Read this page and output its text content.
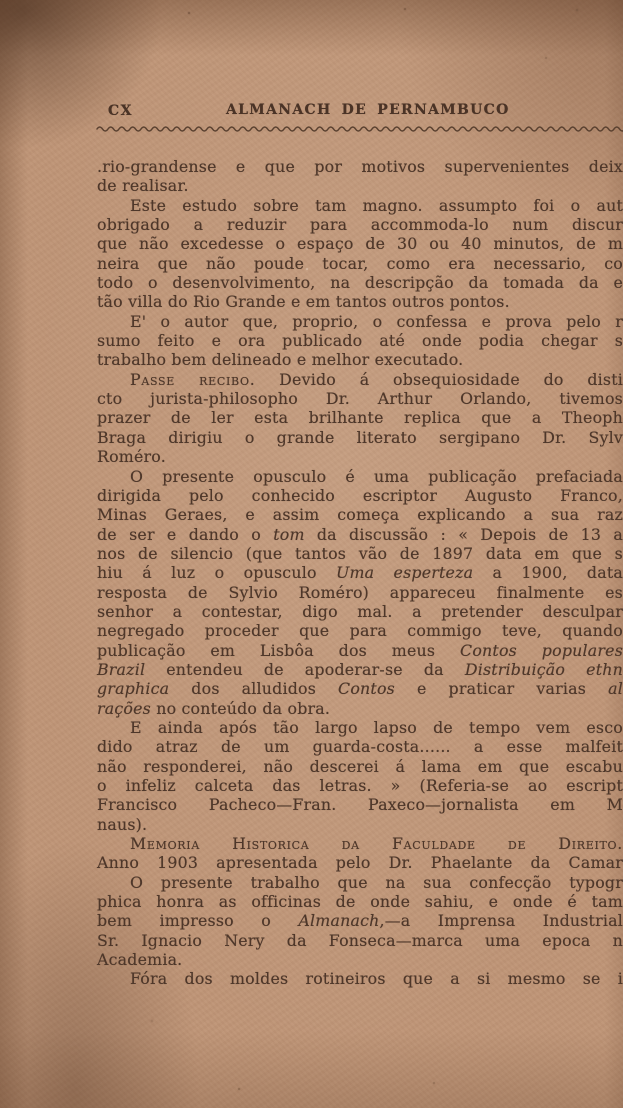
CX	ALMANACH DE PERNAMBUCO
.rio-grandense e que por motivos supervenientes deix
de realisar.
Este estudo sobre tam magno. assumpto foi o aut
obrigado a reduzir para accommoda-lo num discur
que não excedesse o espaço de 30 ou 40 minutos, de m
neira que não poude tocar, como era necessario, co
todo o desenvolvimento, na descripção da tomada da e
tão villa do Rio Grande e em tantos outros pontos.
E' o autor que, proprio, o confessa e prova pelo r
sumo feito e ora publicado até onde podia chegar s
trabalho bem delineado e melhor executado.
Passe recibo. Devido á obsequiosidade do disti
cto jurista-philosopho Dr. Arthur Orlando, tivemos
prazer de ler esta brilhante replica que a Theoph
Braga dirigiu o grande literato sergipano Dr. Sylv
Roméro.
O presente opusculo é uma publicação prefaciada
dirigida pelo conhecido escriptor Augusto Franco,
Minas Geraes, e assim começa explicando a sua raz
de ser e dando o tom da discussão : « Depois de 13 a
nos de silencio (que tantos vão de 1897 data em que s
hiu á luz o opusculo Uma esperteza a 1900, data
resposta de Sylvio Roméro) appareceu finalmente es
senhor a contestar, digo mal. a pretender desculpar
negregado proceder que para commigo teve, quando
publicação em Lisbôa dos meus Contos populares
Brazil entendeu de apoderar-se da Distribuição ethn
graphica dos alludidos Contos e praticar varias al
rações no conteúdo da obra.
E ainda após tão largo lapso de tempo vem esco
dido atraz de um guarda-costa...... a esse malfeit
não responderei, não descerei á lama em que escabu
o infeliz calceta das letras. » (Referia-se ao escript
Francisco Pacheco—Fran. Paxeco—jornalista em M
naus).
Memoria Historica da Faculdade de Direito.
Anno 1903 apresentada pelo Dr. Phaelante da Camar
O presente trabalho que na sua confecção typogr
phica honra as officinas de onde sahiu, e onde é tam
bem impresso o Almanach,—a Imprensa Industrial
Sr. Ignacio Nery da Fonseca—marca uma epoca n
Academia.
Fóra dos moldes rotineiros que a si mesmo se i
